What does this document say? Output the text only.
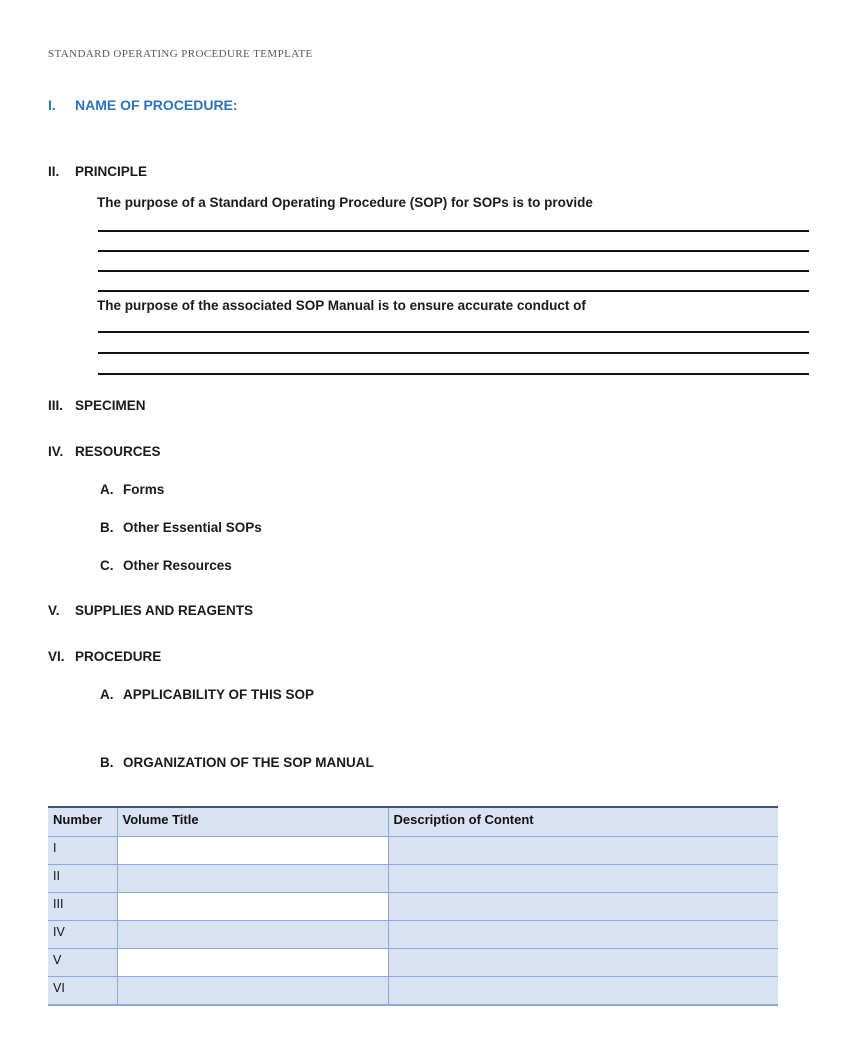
STANDARD OPERATING PROCEDURE TEMPLATE
I.	NAME OF PROCEDURE:
II.	PRINCIPLE
The purpose of a Standard Operating Procedure (SOP) for SOPs is to provide
The purpose of the associated SOP Manual is to ensure accurate conduct of
III. SPECIMEN
IV. RESOURCES
A. Forms
B. Other Essential SOPs
C. Other Resources
V.	SUPPLIES AND REAGENTS
VI. PROCEDURE
A. APPLICABILITY OF THIS SOP
B. ORGANIZATION OF THE SOP MANUAL
Number	Volume Title	Description of Content
I		
II		
III		
IV		
V		
VI		
